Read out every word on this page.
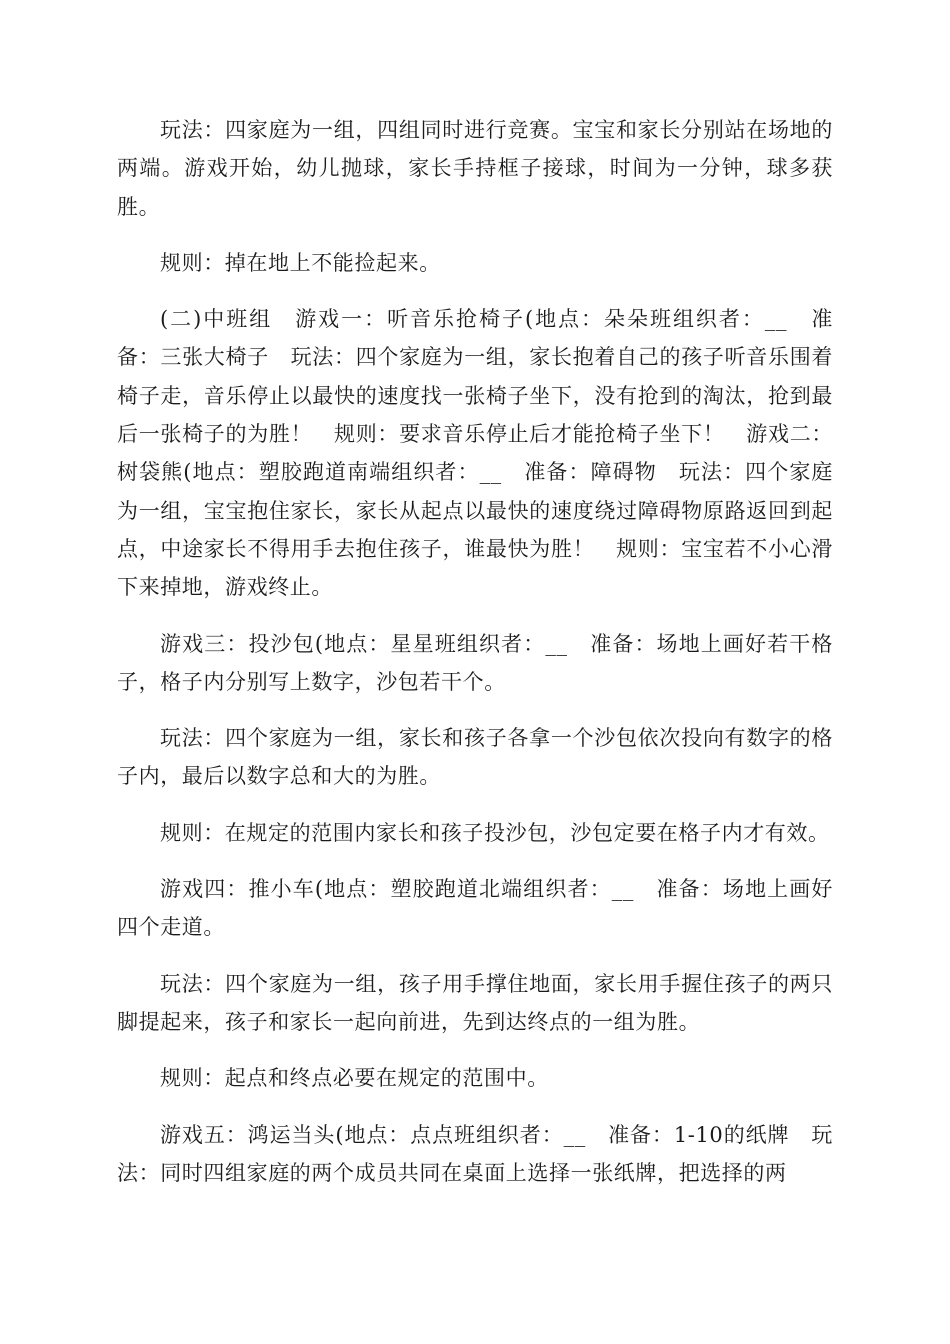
玩法：四家庭为一组，四组同时进行竞赛。宝宝和家长分别站在场地的两端。游戏开始，幼儿抛球，家长手持框子接球，时间为一分钟，球多获胜。

规则：掉在地上不能捡起来。

(二)中班组　游戏一：听音乐抢椅子(地点：朵朵班组织者：__　准备：三张大椅子　玩法：四个家庭为一组，家长抱着自己的孩子听音乐围着椅子走，音乐停止以最快的速度找一张椅子坐下，没有抢到的淘汰，抢到最后一张椅子的为胜！　规则：要求音乐停止后才能抢椅子坐下！　游戏二：树袋熊(地点：塑胶跑道南端组织者：__　准备：障碍物　玩法：四个家庭为一组，宝宝抱住家长，家长从起点以最快的速度绕过障碍物原路返回到起点，中途家长不得用手去抱住孩子，谁最快为胜！　规则：宝宝若不小心滑下来掉地，游戏终止。

游戏三：投沙包(地点：星星班组织者：__　准备：场地上画好若干格子，格子内分别写上数字，沙包若干个。

玩法：四个家庭为一组，家长和孩子各拿一个沙包依次投向有数字的格子内，最后以数字总和大的为胜。

规则：在规定的范围内家长和孩子投沙包，沙包定要在格子内才有效。

游戏四：推小车(地点：塑胶跑道北端组织者：__　准备：场地上画好四个走道。

玩法：四个家庭为一组，孩子用手撑住地面，家长用手握住孩子的两只脚提起来，孩子和家长一起向前进，先到达终点的一组为胜。

规则：起点和终点必要在规定的范围中。

游戏五：鸿运当头(地点：点点班组织者：__　准备：1-10的纸牌　玩法：同时四组家庭的两个成员共同在桌面上选择一张纸牌，把选择的两
